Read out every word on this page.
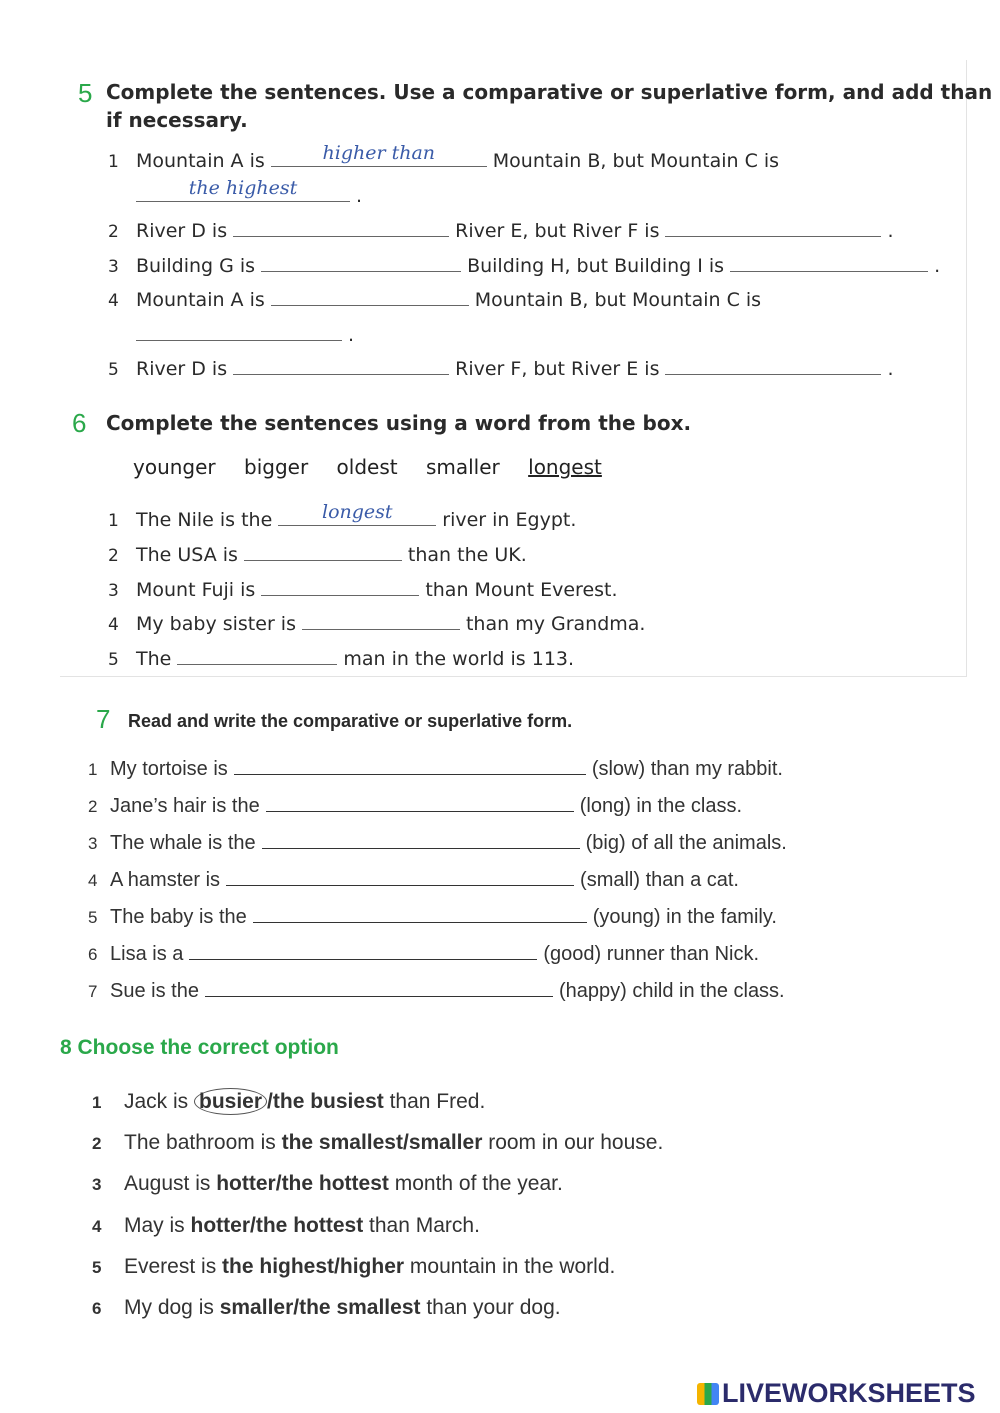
5 Complete the sentences. Use a comparative or superlative form, and add than
if necessary.
1 Mountain A is	higher than	Mountain B, but Mountain C is
the highest	.
2 River D is	River E, but River F is	.
3 Building G is	Building H, but Building I is	.
4 Mountain A is	Mountain B, but Mountain C is
.
5 River D is	River F, but River E is	.
6 Complete the sentences using a word from the box.
younger bigger oldest smaller longest
1 The Nile is the	longest	river in Egypt.
2 The USA is	than the UK.
3 Mount Fuji is	than Mount Everest.
4 My baby sister is	than my Grandma.
5 The	man in the world is 113.
7 Read and write the comparative or superlative form.
1 My tortoise is	(slow) than my rabbit.
2 Jane’s hair is the	(long) in the class.
3 The whale is the	(big) of all the animals.
4 A hamster is	(small) than a cat.
5 The baby is the	(young) in the family.
6 Lisa is a	(good) runner than Nick.
7 Sue is the	(happy) child in the class.
8 Choose the correct option
1 Jack is busier /the busiest than Fred.
2 The bathroom is the smallest/smaller room in our house.
3 August is hotter/the hottest month of the year.
4 May is hotter/the hottest than March.
5 Everest is the highest/higher mountain in the world.
6 My dog is smaller/the smallest than your dog.
LIVEWORKSHEETS
